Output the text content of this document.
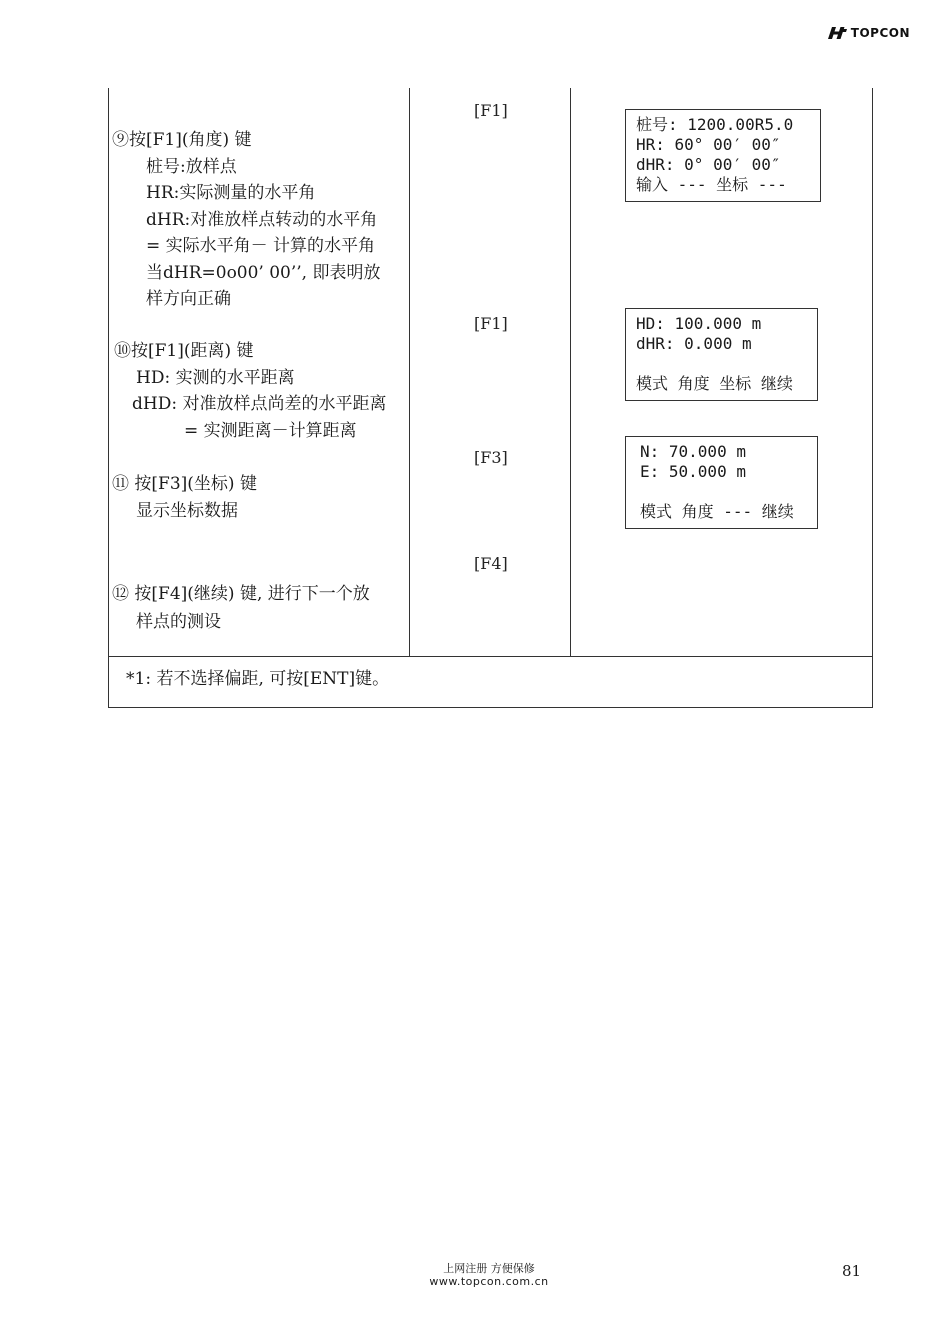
TOPCON
⑨按[F1](角度) 键
桩号:放样点
HR:实际测量的水平角
dHR:对准放样点转动的水平角
= 实际水平角－ 计算的水平角
当dHR=0o00’ 00’’, 即表明放
样方向正确
[F1]
桩号: 1200.00R5.0
HR: 60° 00′ 00″
dHR: 0° 00′ 00″
输入 --- 坐标 ---
⑩按[F1](距离) 键
HD: 实测的水平距离
dHD: 对准放样点尚差的水平距离
= 实测距离－计算距离
[F1]	HD: 100.000 m
dHR: 0.000 m
模式 角度 坐标 继续
⑪ 按[F3](坐标) 键
显示坐标数据
[F3]	N: 70.000 m
E: 50.000 m
模式 角度 --- 继续
⑫ 按[F4](继续) 键, 进行下一个放
样点的测设
[F4]
*1: 若不选择偏距, 可按[ENT]键。
上网注册 方便保修
www.topcon.com.cn
81
